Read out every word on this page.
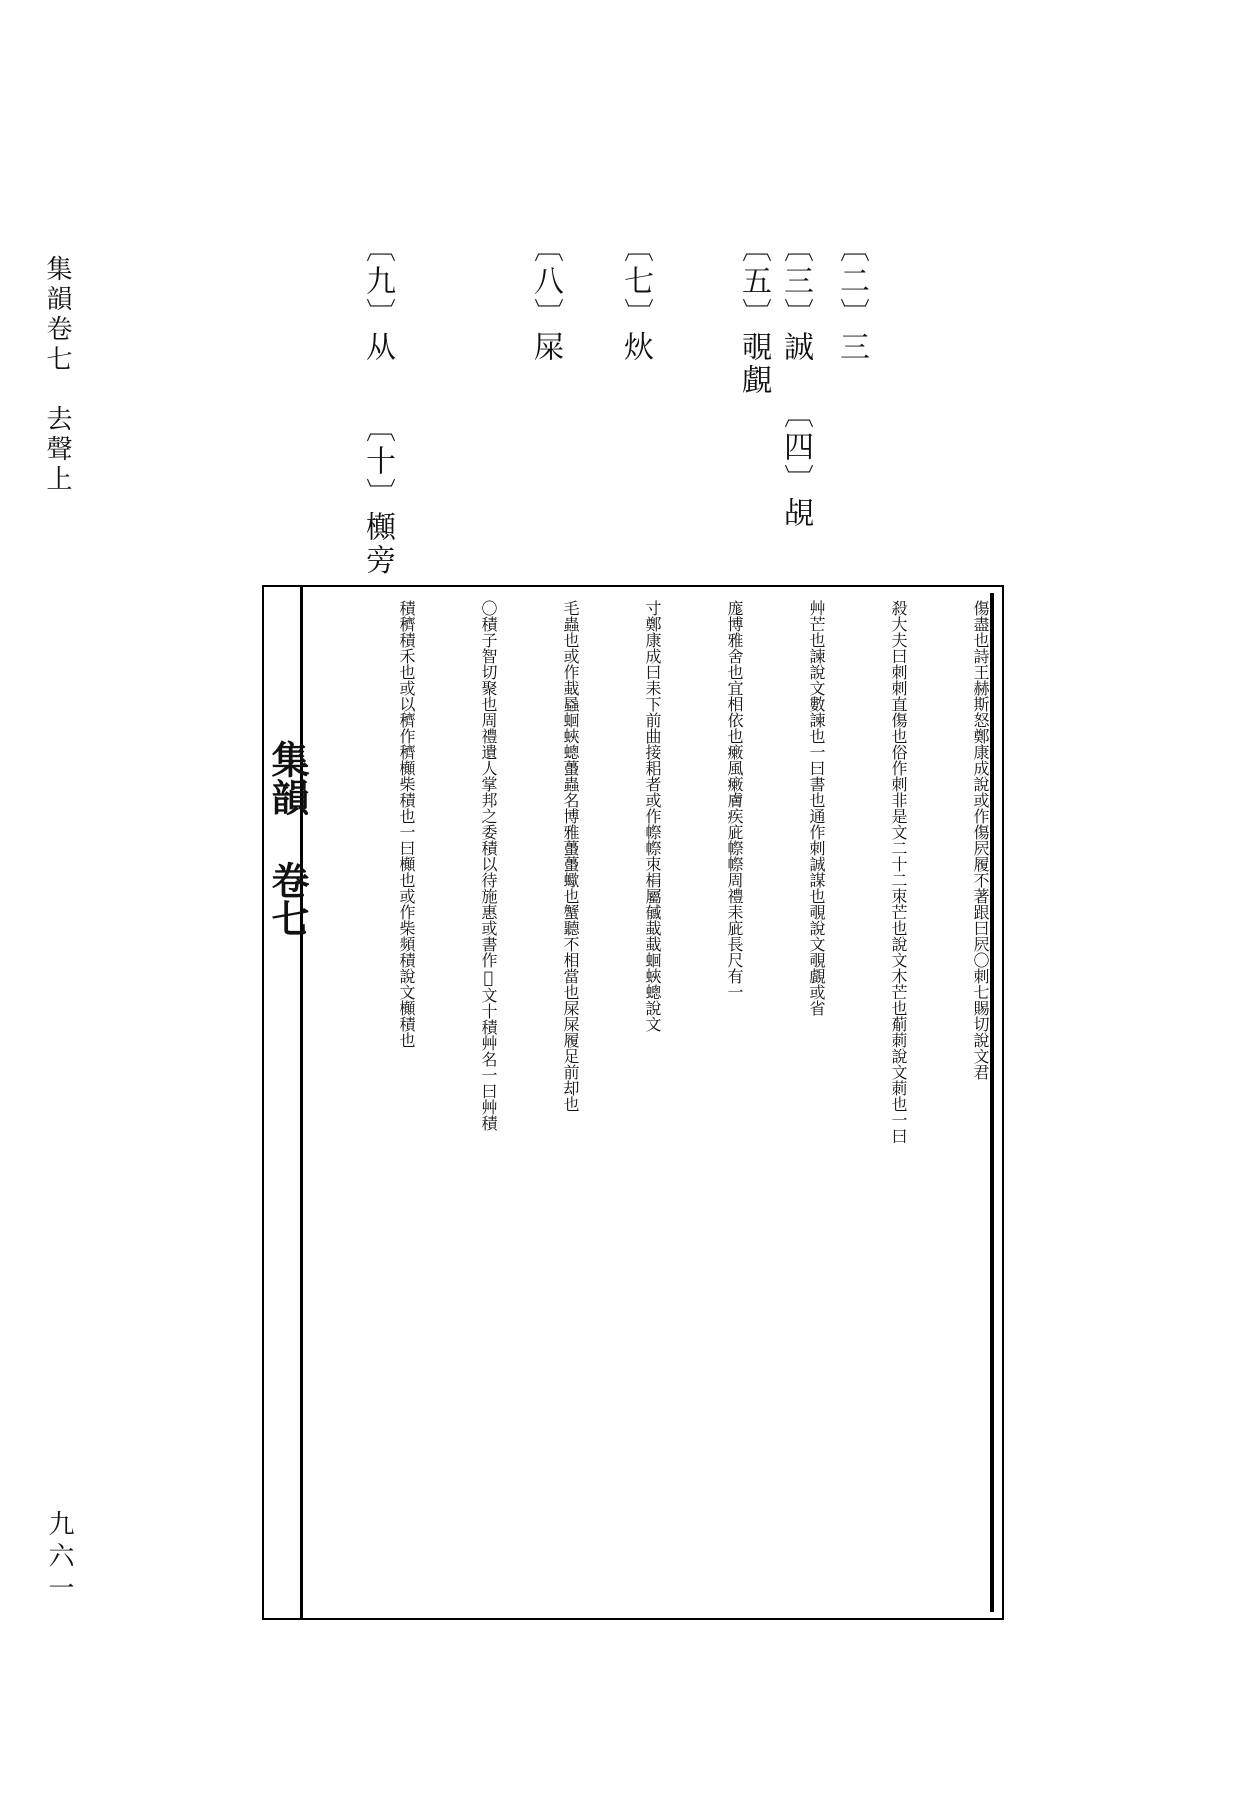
集韻卷七　去聲上
九六一
〔二〕三
〔三〕誠
〔五〕覗覰
〔四〕覘
〔七〕炏
〔八〕屎
〔九〕从
〔十〕㰜旁
集韻 卷七	傷盡也詩王赫斯怒鄭康成說或作傷屄履不著跟曰屄〇刺七賜切說文君
殺大夫曰刺刺直傷也俗作刺非是文二十二朿芒也說文木芒也葪莿說文莿也一曰
艸芒也諫說文數諫也一曰書也通作刺誠謀也覗說文覗覰或省
庬博雅舍也宜相依也瘷風瘷膚疾庛㡜㡜周禮耒庛長尺有一
寸鄭康成曰耒下前曲接耜者或作㡜㡜朿梋屬㦽蛓蛓蛔蛺蟌說文
毛蟲也或作蛓蟁蛔蛺蟌蠆蟲名博雅蠆蠆蠍也蟹聽不相當也屎屎履足前却也
〇積子智切聚也周禮遺人掌邦之委積以待施惠或書作𧸓文十積艸名一曰艸積
積穧積禾也或以穧作穧㰜柴積也一曰㰜也或作柴頻積說文㰜積也
